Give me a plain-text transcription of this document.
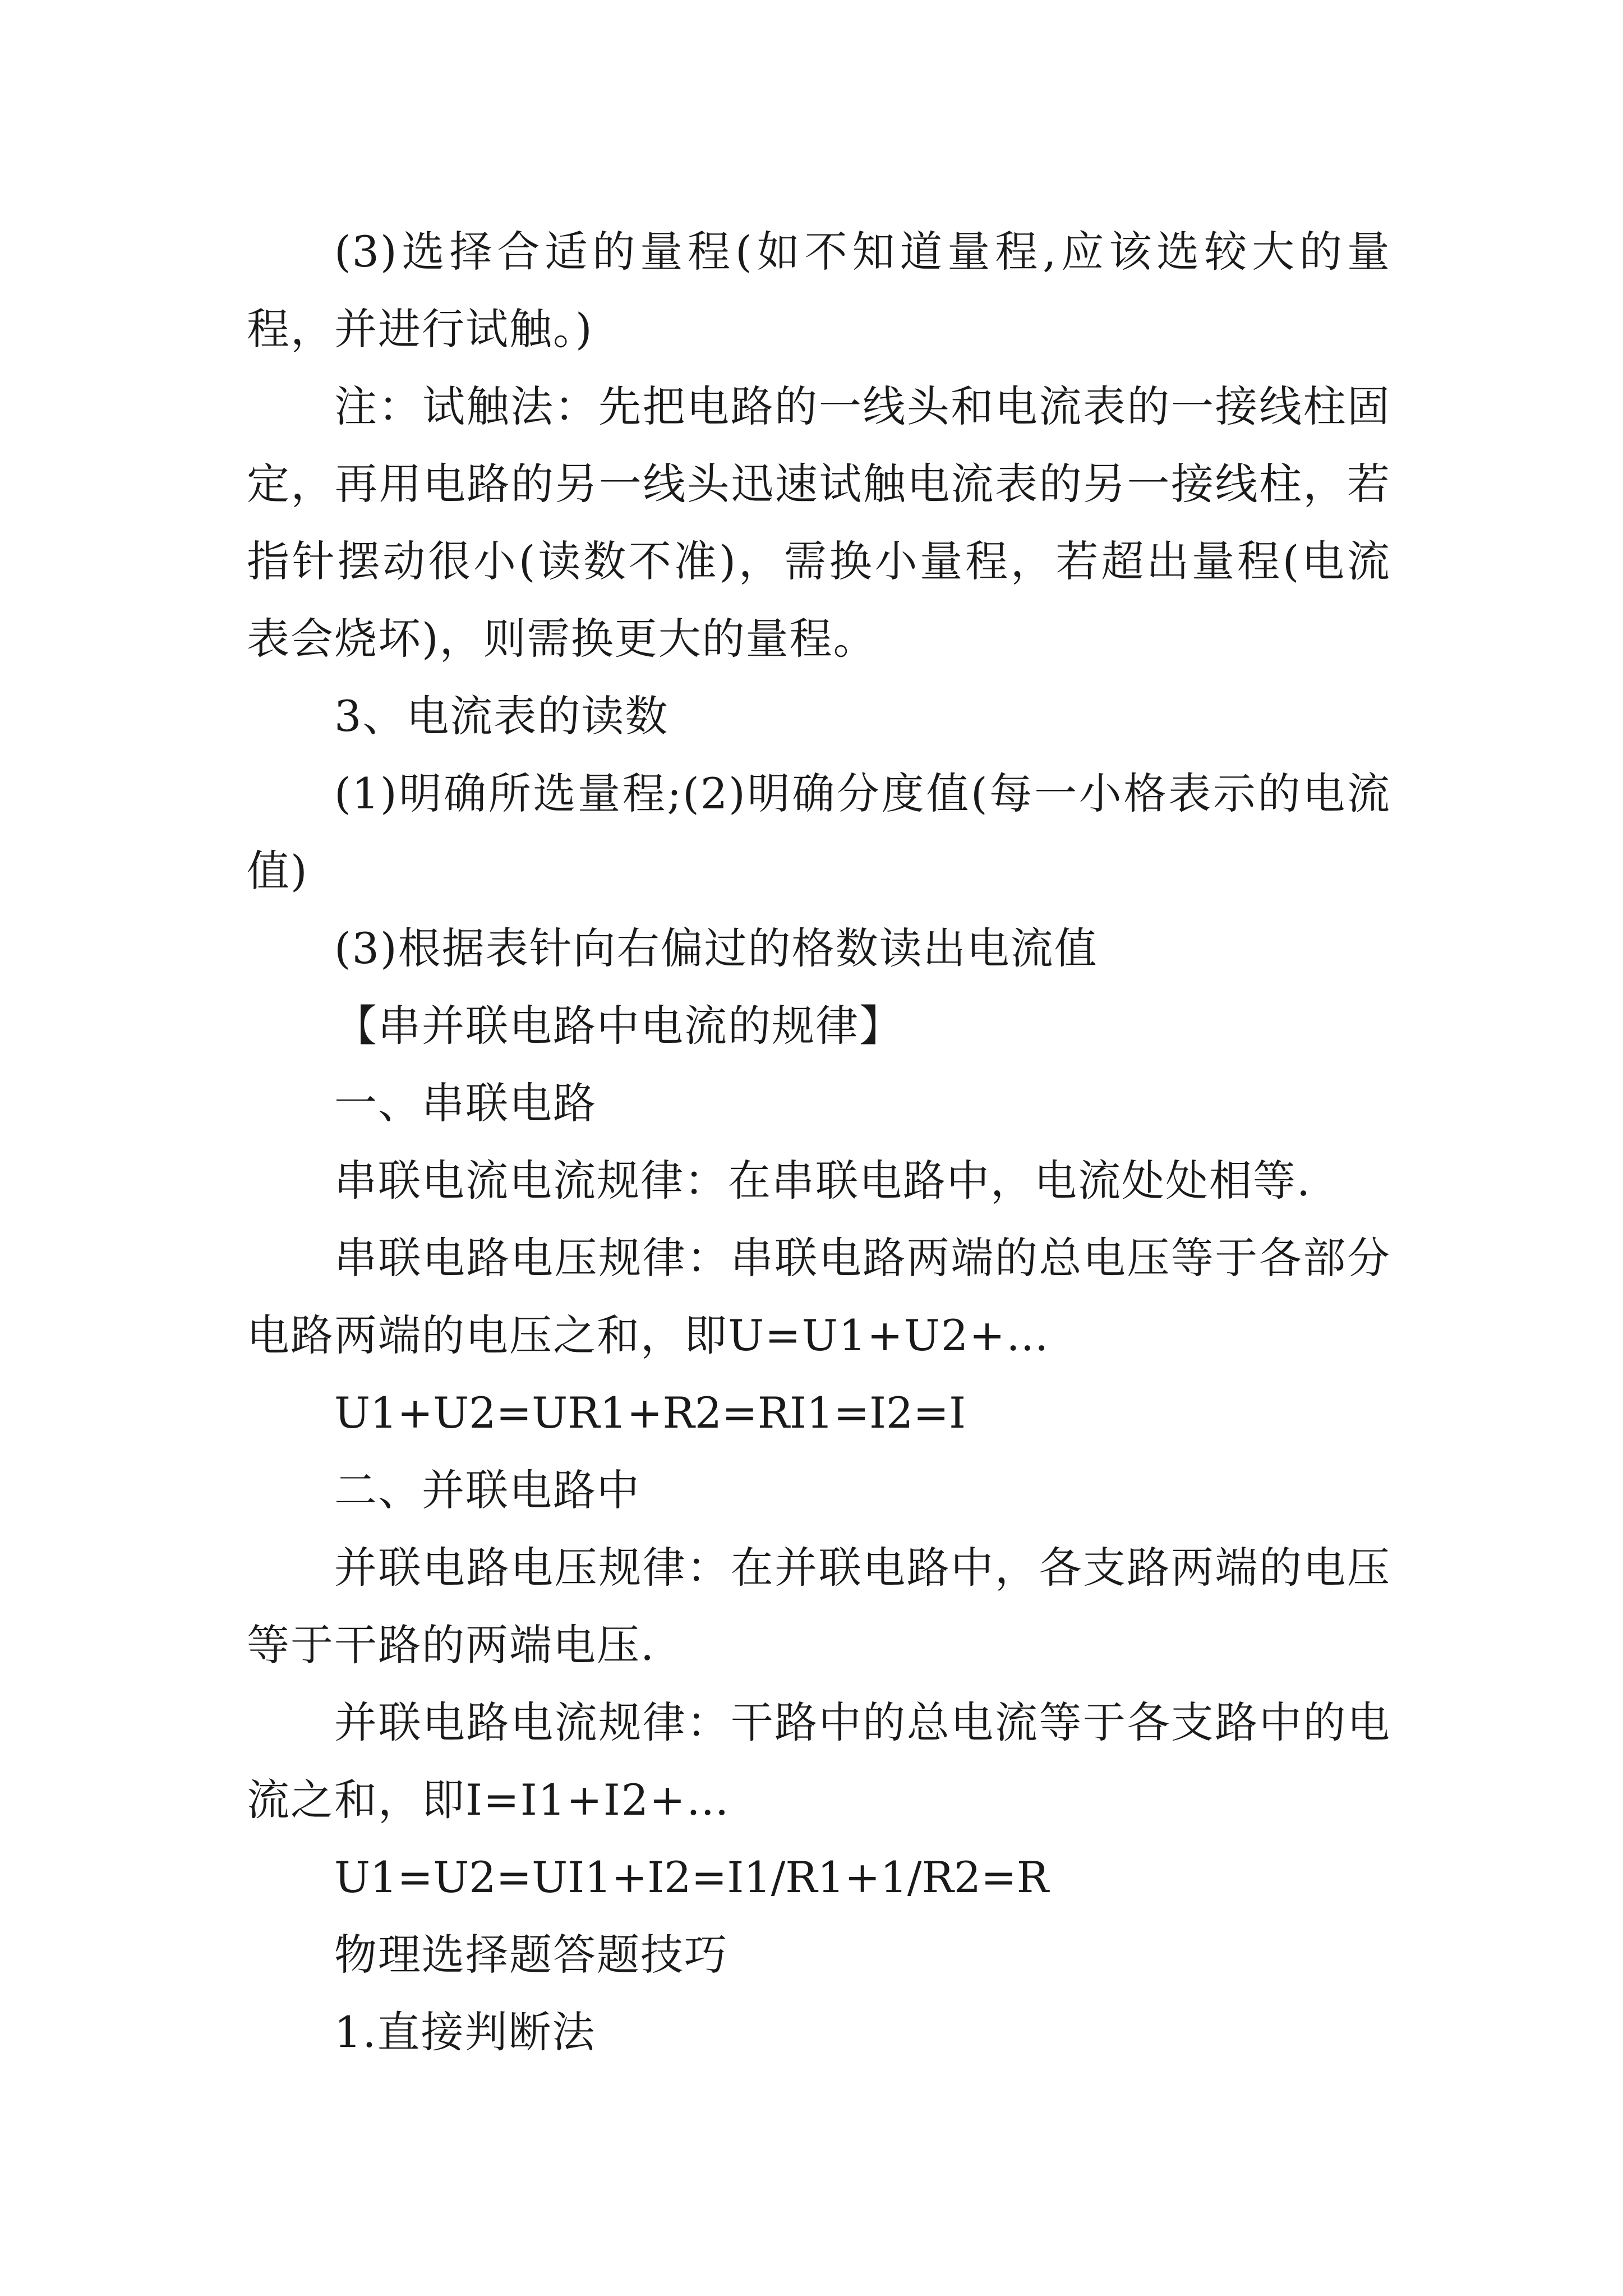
(3)选择合适的量程(如不知道量程,应该选较大的量程，并进行试触。)

注：试触法：先把电路的一线头和电流表的一接线柱固定，再用电路的另一线头迅速试触电流表的另一接线柱，若指针摆动很小(读数不准)，需换小量程，若超出量程(电流表会烧坏)，则需换更大的量程。

3、电流表的读数

(1)明确所选量程;(2)明确分度值(每一小格表示的电流值)

(3)根据表针向右偏过的格数读出电流值

【串并联电路中电流的规律】

一、串联电路

串联电流电流规律：在串联电路中，电流处处相等.

串联电路电压规律：串联电路两端的总电压等于各部分电路两端的电压之和，即U=U1+U2+…

U1+U2=UR1+R2=RI1=I2=I

二、并联电路中

并联电路电压规律：在并联电路中，各支路两端的电压等于干路的两端电压.

并联电路电流规律：干路中的总电流等于各支路中的电流之和，即I=I1+I2+…

U1=U2=UI1+I2=I1/R1+1/R2=R

物理选择题答题技巧

1.直接判断法
